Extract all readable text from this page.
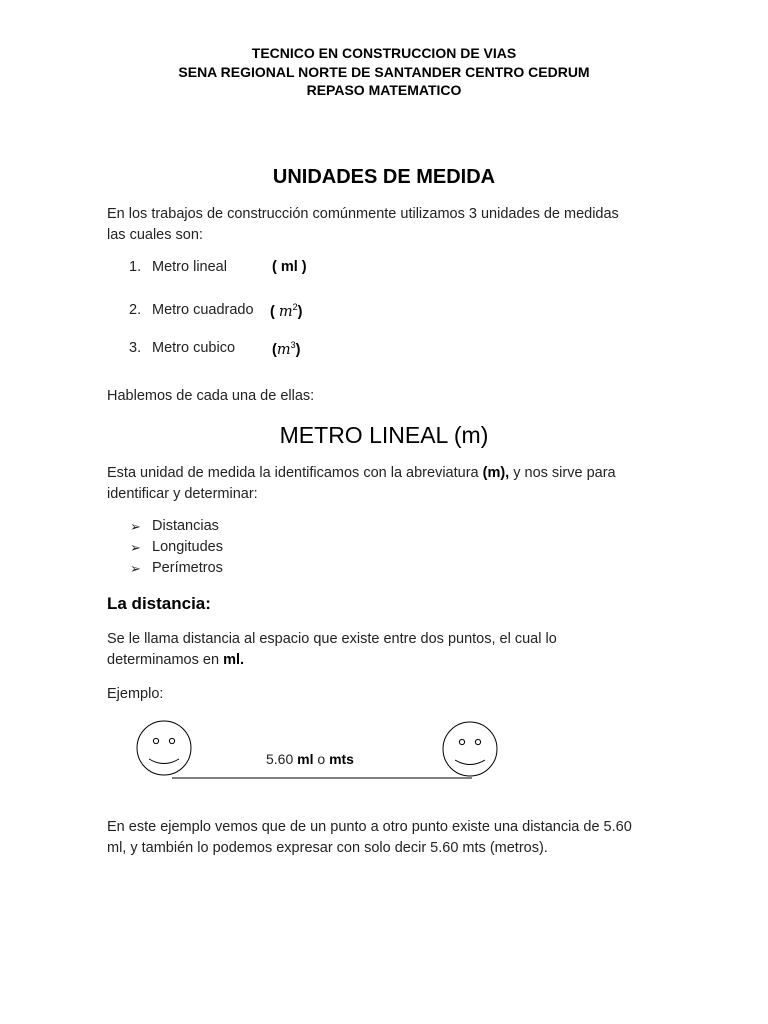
TECNICO EN CONSTRUCCION DE VIAS
SENA REGIONAL NORTE DE SANTANDER CENTRO CEDRUM
REPASO MATEMATICO
UNIDADES DE MEDIDA
En los trabajos de construcción comúnmente utilizamos 3 unidades de medidas
las cuales son:
1. Metro lineal	( ml )
2. Metro cuadrado ( $m^2$)
3. Metro cubico	$(m^3)$
Hablemos de cada una de ellas:
METRO LINEAL (m)
Esta unidad de medida la identificamos con la abreviatura (m), y nos sirve para
identificar y determinar:
➢ Distancias
➢ Longitudes
➢ Perímetros
La distancia:
Se le llama distancia al espacio que existe entre dos puntos, el cual lo
determinamos en ml.
Ejemplo:
5.60 ml o mts
En este ejemplo vemos que de un punto a otro punto existe una distancia de 5.60
ml, y también lo podemos expresar con solo decir 5.60 mts (metros).
